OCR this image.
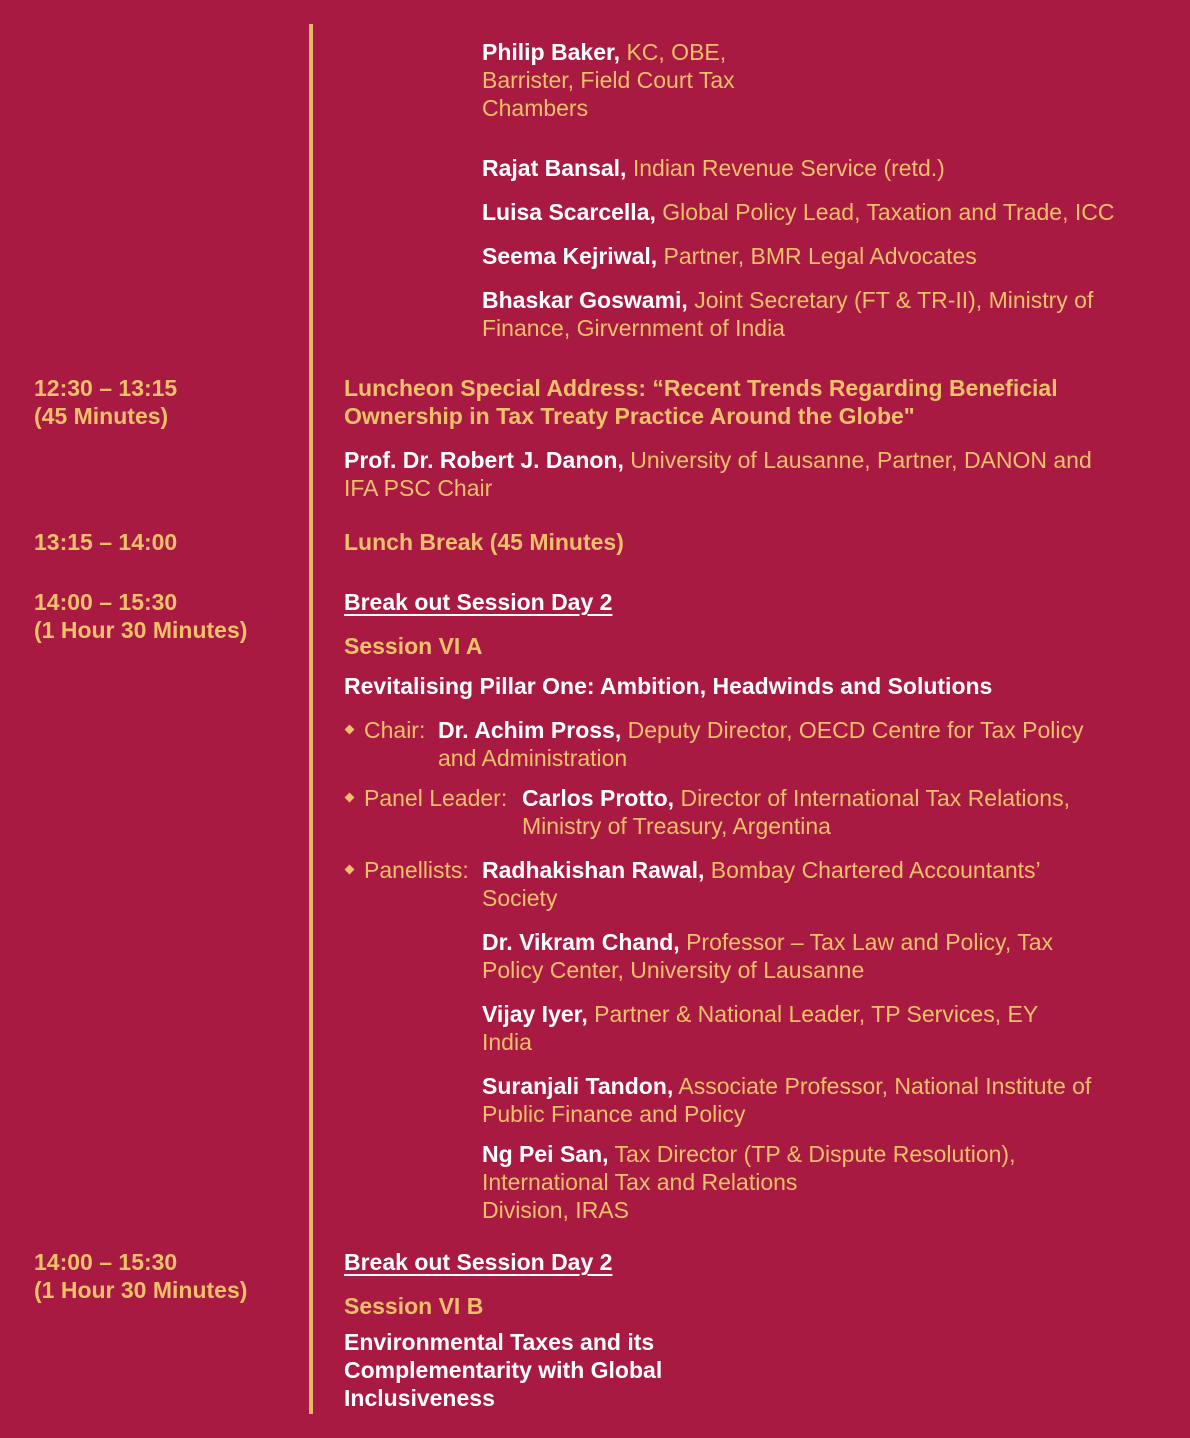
Philip Baker, KC, OBE,
Barrister, Field Court Tax
Chambers
Rajat Bansal, Indian Revenue Service (retd.)
Luisa Scarcella, Global Policy Lead, Taxation and Trade, ICC
Seema Kejriwal, Partner, BMR Legal Advocates
Bhaskar Goswami, Joint Secretary (FT & TR-II), Ministry of
Finance, Girvernment of India
12:30 – 13:15
(45 Minutes)
Luncheon Special Address: “Recent Trends Regarding Beneficial
Ownership in Tax Treaty Practice Around the Globe"
Prof. Dr. Robert J. Danon, University of Lausanne, Partner, DANON and
IFA PSC Chair
13:15 – 14:00	Lunch Break (45 Minutes)
14:00 – 15:30
(1 Hour 30 Minutes)
Break out Session Day 2
Session VI A
Revitalising Pillar One: Ambition, Headwinds and Solutions
Chair: Dr. Achim Pross, Deputy Director, OECD Centre for Tax Policy
and Administration
Panel Leader: Carlos Protto, Director of International Tax Relations,
Ministry of Treasury, Argentina
Panellists: Radhakishan Rawal, Bombay Chartered Accountants’
Society
Dr. Vikram Chand, Professor – Tax Law and Policy, Tax
Policy Center, University of Lausanne
Vijay Iyer, Partner & National Leader, TP Services, EY
India
Suranjali Tandon, Associate Professor, National Institute of
Public Finance and Policy
Ng Pei San, Tax Director (TP & Dispute Resolution),
International Tax and Relations
Division, IRAS
14:00 – 15:30
(1 Hour 30 Minutes)
Break out Session Day 2
Session VI B
Environmental Taxes and its
Complementarity with Global
Inclusiveness
